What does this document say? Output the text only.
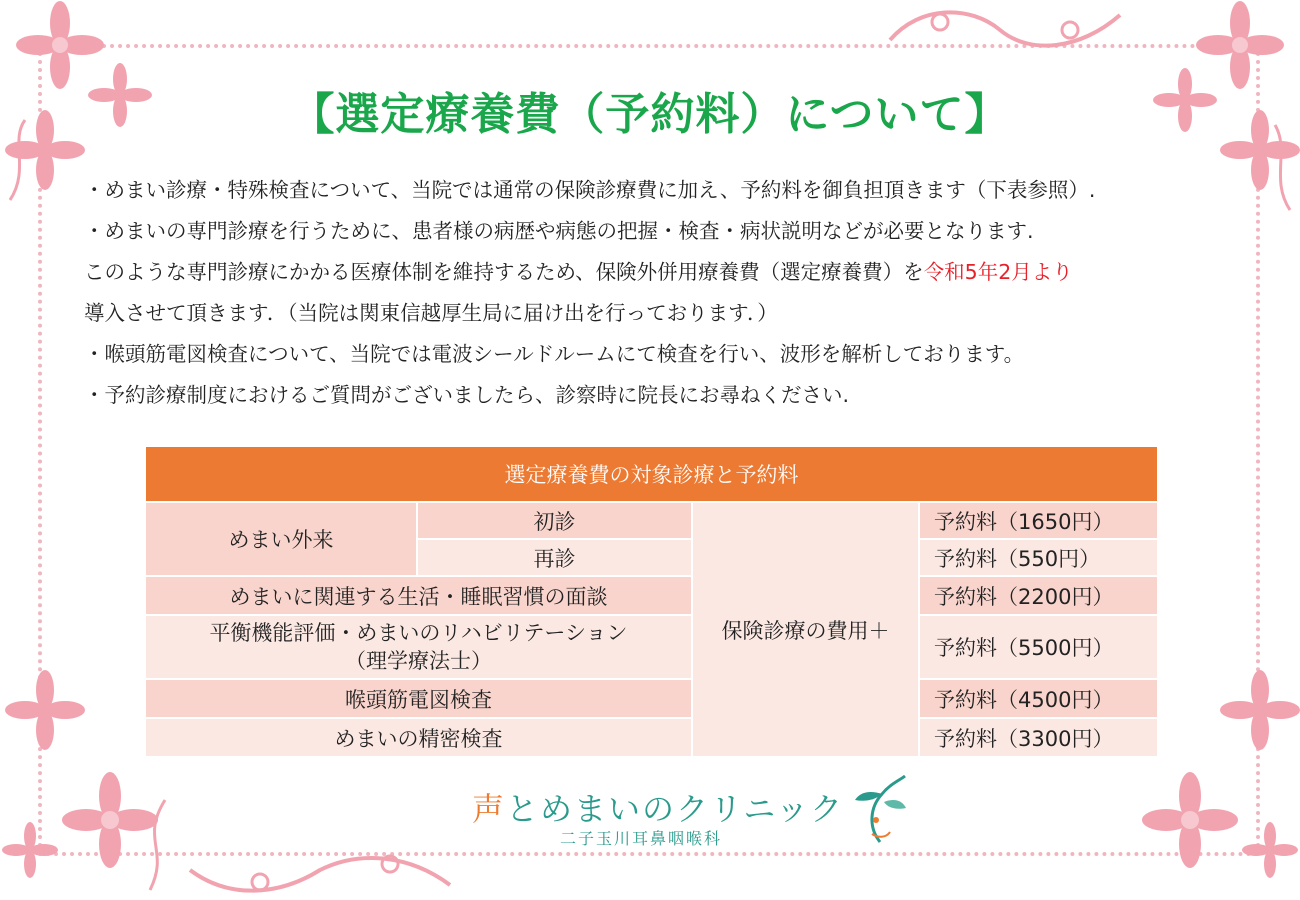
【選定療養費（予約料）について】

・めまい診療・特殊検査について、当院では通常の保険診療費に加え、予約料を御負担頂きます（下表参照）.

・めまいの専門診療を行うために、患者様の病歴や病態の把握・検査・病状説明などが必要となります.

このような専門診療にかかる医療体制を維持するため、保険外併用療養費（選定療養費）を令和5年2月より

導入させて頂きます．（当院は関東信越厚生局に届け出を行っております．）

・喉頭筋電図検査について、当院では電波シールドルームにて検査を行い、波形を解析しております。

・予約診療制度におけるご質問がございましたら、診察時に院長にお尋ねください.

選定療養費の対象診療と予約料			
めまい外来	初診	保険診療の費用＋	予約料（1650円）
	再診		予約料（550円）
めまいに関連する生活・睡眠習慣の面談			予約料（2200円）

平衡機能評価・めまいのリハビリテーション
（理学療法士）			予約料（5500円）
喉頭筋電図検査			予約料（4500円）
めまいの精密検査			予約料（3300円）
声とめまいのクリニック
二子玉川耳鼻咽喉科
